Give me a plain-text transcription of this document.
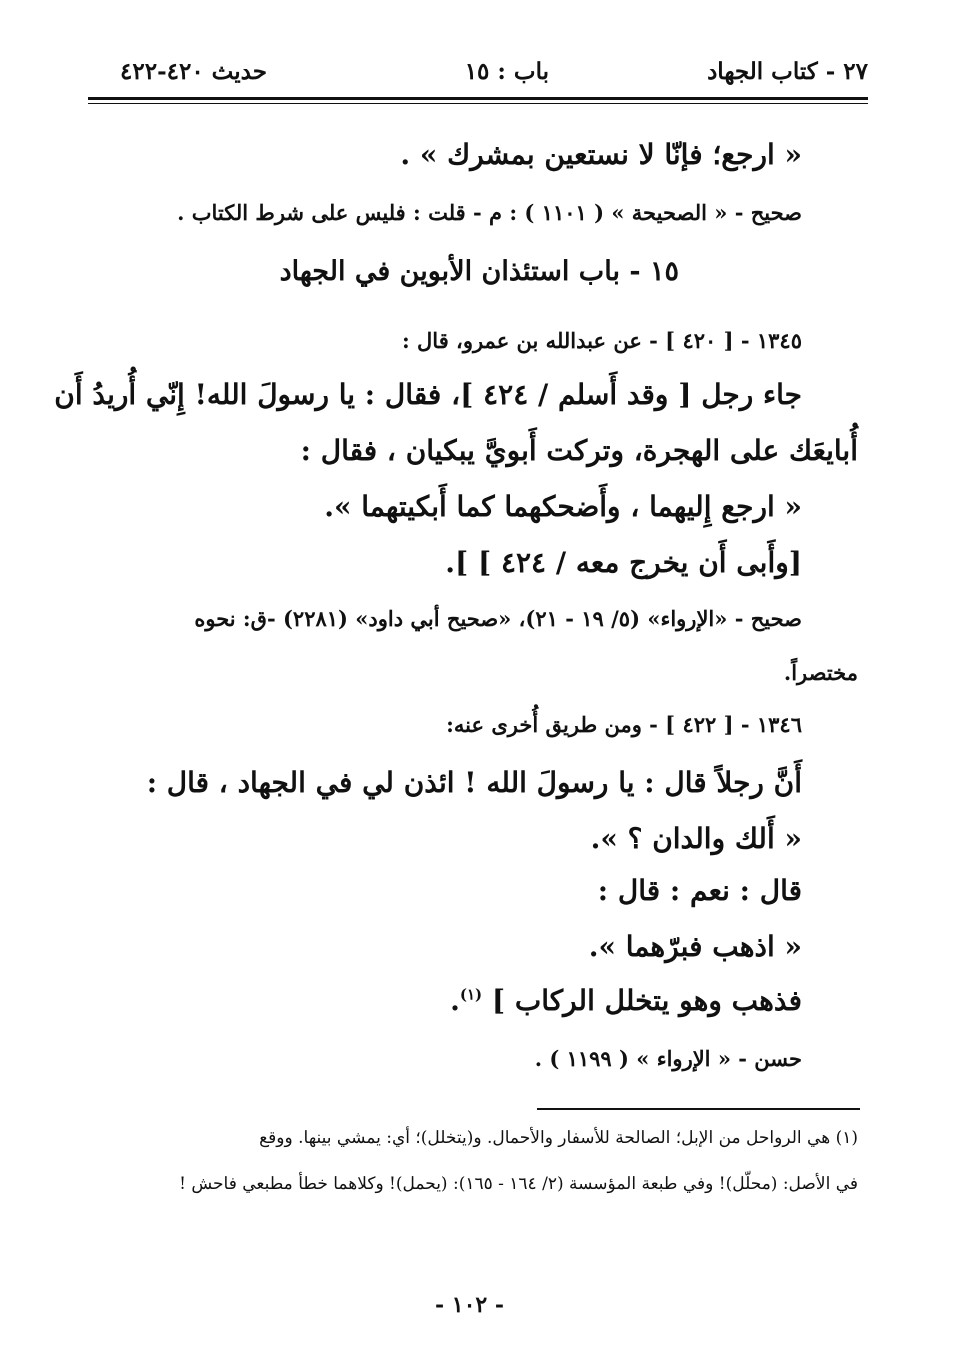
٢٧ - كتاب الجهاد
باب : ١٥
حديث ٤٢٠-٤٢٢
« ارجع؛ فإنّا لا نستعين بمشرك » .
صحيح - « الصحيحة » ( ١١٠١ ) : م - قلت : فليس على شرط الكتاب .
١٥ - باب استئذان الأبوين في الجهاد
١٣٤٥ - [ ٤٢٠ ] - عن عبدالله بن عمرو، قال :
جاء رجل [ وقد أَسلم / ٤٢٤ ]، فقال : يا رسولَ الله! إِنّي أُريدُ أَن
أُبايعَك على الهجرة، وتركت أَبويَّ يبكيان ، فقال :
« ارجع إِليهما ، وأَضحكهما كما أَبكيتهما ».
[وأَبى أَن يخرج معه / ٤٢٤ ] ].
صحيح - «الإرواء» (٥/ ١٩ - ٢١)، «صحيح أبي داود» (٢٢٨١) -ق: نحوه
مختصراً.
١٣٤٦ - [ ٤٢٢ ] - ومن طريق أُخرى عنه:
أَنَّ رجلاً قال : يا رسولَ الله ! ائذن لي في الجهاد ، قال :
« أَلك والدان ؟ ».
قال : نعم : قال :
« اذهب فبرّهما ».
فذهب وهو يتخلل الركاب ] $^{(١)}$.
حسن - « الإرواء » ( ١١٩٩ ) .
(١) هي الرواحل من الإبل؛ الصالحة للأسفار والأحمال. و(يتخلل)؛ أي: يمشي بينها. ووقع
في الأصل: (محلّل)! وفي طبعة المؤسسة (٢/ ١٦٤ - ١٦٥): (يحمل)! وكلاهما خطأ مطبعي فاحش !
- ١٠٢ -
